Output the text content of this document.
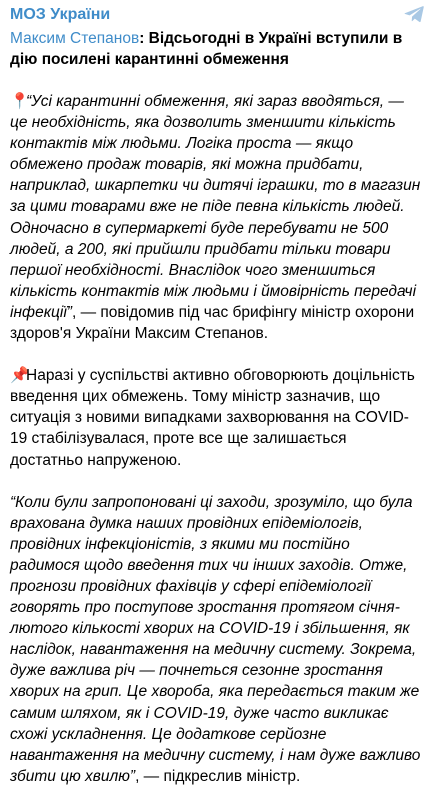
МОЗ України
Максим Степанов: Відсьогодні в Україні вступили в дію посилені карантинні обмеження

📍“Усі карантинні обмеження, які зараз вводяться, — це необхідність, яка дозволить зменшити кількість контактів між людьми. Логіка проста — якщо обмежено продаж товарів, які можна придбати, наприклад, шкарпетки чи дитячі іграшки, то в магазин за цими товарами вже не піде певна кількість людей. Одночасно в супермаркеті буде перебувати не 500 людей, а 200, які прийшли придбати тільки товари першої необхідності. Внаслідок чого зменшиться кількість контактів між людьми і ймовірність передачі інфекції”, — повідомив під час брифінгу міністр охорони здоров'я України Максим Степанов.

📌Наразі у суспільстві активно обговорюють доцільність введення цих обмежень. Тому міністр зазначив, що ситуація з новими випадками захворювання на COVID-19 стабілізувалася, проте все ще залишається достатньо напруженою.

“Коли були запропоновані ці заходи, зрозуміло, що була врахована думка наших провідних епідеміологів, провідних інфекціоністів, з якими ми постійно радимося щодо введення тих чи інших заходів. Отже, прогнози провідних фахівців у сфері епідеміології говорять про поступове зростання протягом січня-лютого кількості хворих на COVID-19 і збільшення, як наслідок, навантаження на медичну систему. Зокрема, дуже важлива річ — почнеться сезонне зростання хворих на грип. Це хвороба, яка передається таким же самим шляхом, як і COVID-19, дуже часто викликає схожі ускладнення. Це додаткове серйозне навантаження на медичну систему, і нам дуже важливо збити цю хвилю”, — підкреслив міністр.
